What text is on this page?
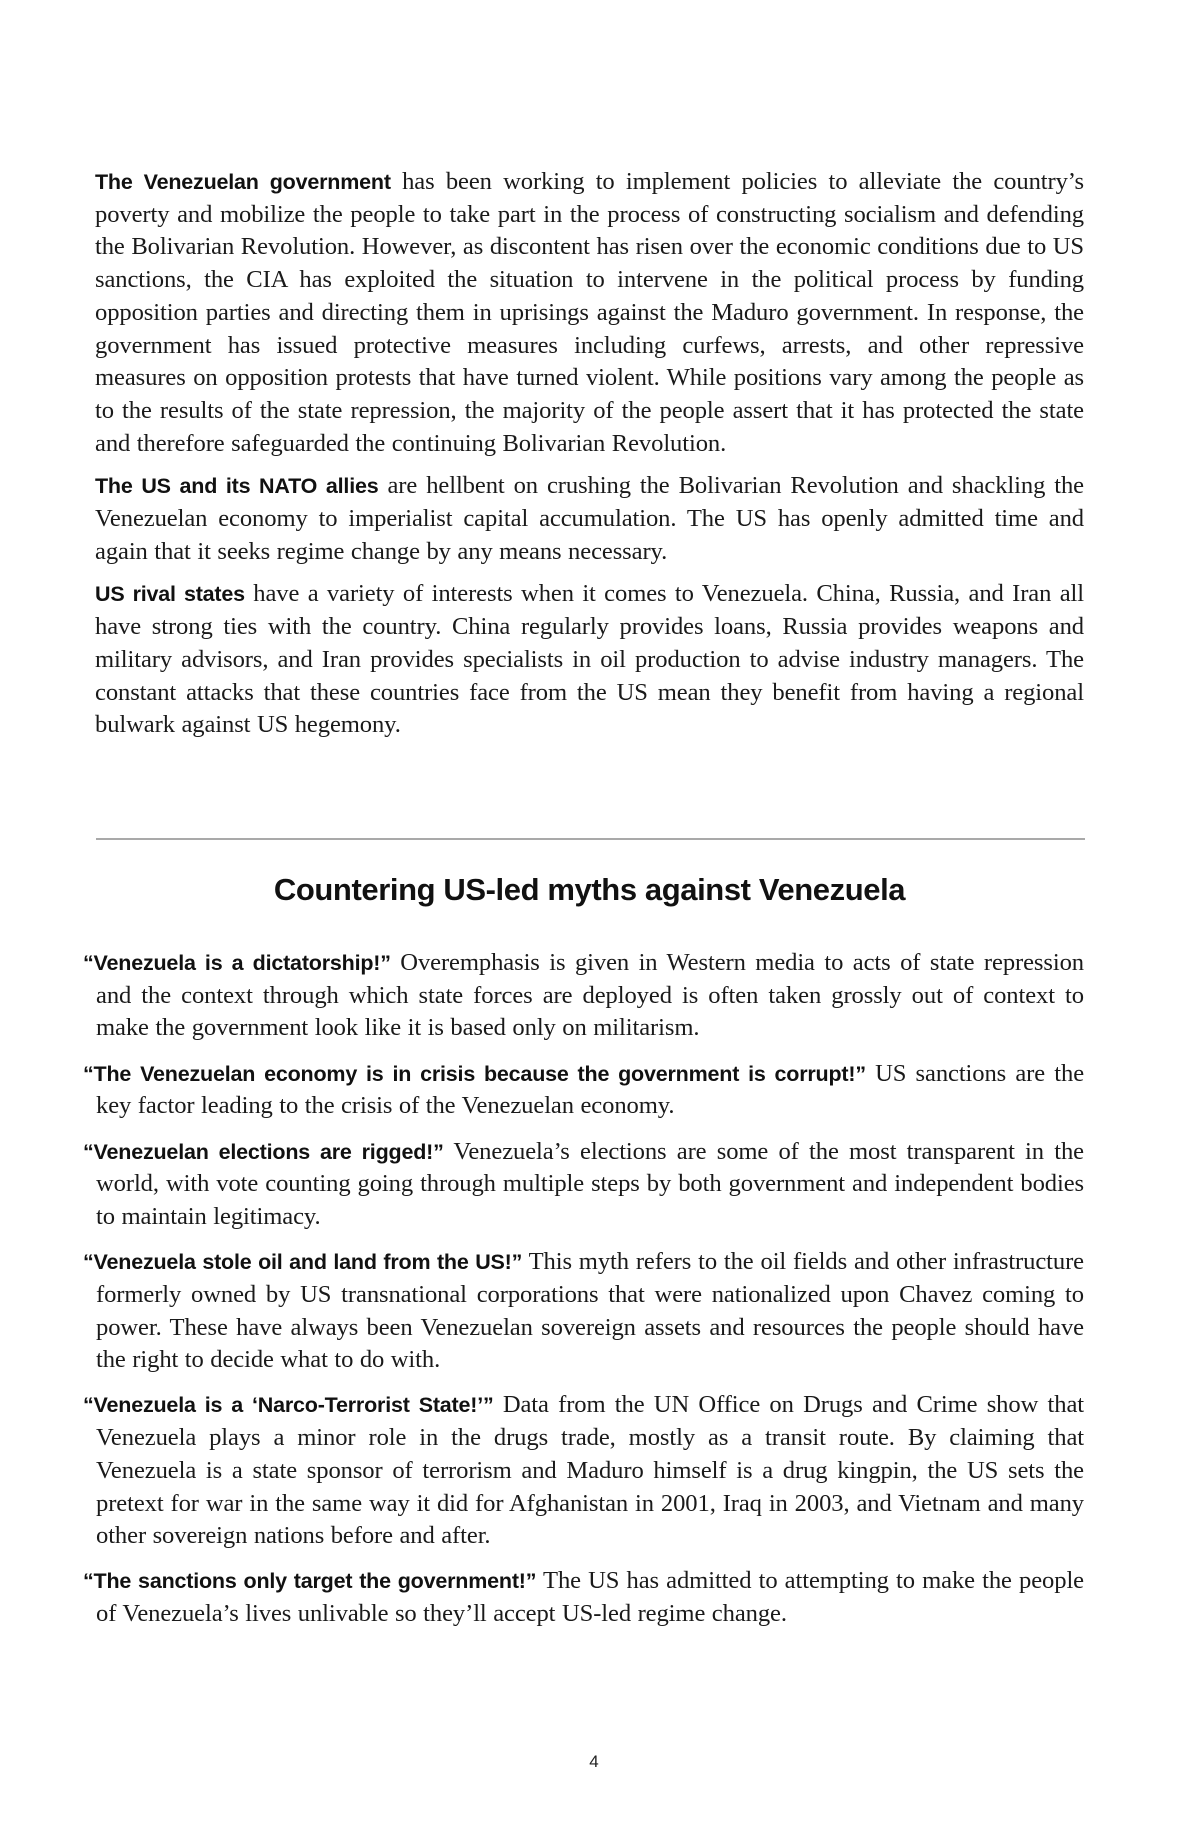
The Venezuelan government has been working to implement policies to alleviate the country’s poverty and mobilize the people to take part in the process of constructing socialism and defending the Bolivarian Revolution. However, as discontent has risen over the economic conditions due to US sanctions, the CIA has exploited the situation to intervene in the political process by funding opposition parties and directing them in uprisings against the Maduro government. In response, the government has issued protective measures including curfews, arrests, and other repressive measures on opposition protests that have turned violent. While positions vary among the people as to the results of the state repression, the majority of the people assert that it has protected the state and therefore safeguarded the continuing Bolivarian Revolution.

The US and its NATO allies are hellbent on crushing the Bolivarian Revolution and shackling the Venezuelan economy to imperialist capital accumulation. The US has openly admitted time and again that it seeks regime change by any means necessary.

US rival states have a variety of interests when it comes to Venezuela. China, Russia, and Iran all have strong ties with the country. China regularly provides loans, Russia provides weapons and military advisors, and Iran provides specialists in oil production to advise industry managers. The constant attacks that these countries face from the US mean they benefit from having a regional bulwark against US hegemony.

Countering US-led myths against Venezuela

“Venezuela is a dictatorship!” Overemphasis is given in Western media to acts of state repression and the context through which state forces are deployed is often taken grossly out of context to make the government look like it is based only on militarism.

“The Venezuelan economy is in crisis because the government is corrupt!” US sanctions are the key factor leading to the crisis of the Venezuelan economy.

“Venezuelan elections are rigged!” Venezuela’s elections are some of the most transparent in the world, with vote counting going through multiple steps by both government and independent bodies to maintain legitimacy.

“Venezuela stole oil and land from the US!” This myth refers to the oil fields and other infrastructure formerly owned by US transnational corporations that were nationalized upon Chavez coming to power. These have always been Venezuelan sovereign assets and resources the people should have the right to decide what to do with.

“Venezuela is a ‘Narco-Terrorist State!’” Data from the UN Office on Drugs and Crime show that Venezuela plays a minor role in the drugs trade, mostly as a transit route. By claiming that Venezuela is a state sponsor of terrorism and Maduro himself is a drug kingpin, the US sets the pretext for war in the same way it did for Afghanistan in 2001, Iraq in 2003, and Vietnam and many other sovereign nations before and after.

“The sanctions only target the government!” The US has admitted to attempting to make the people of Venezuela’s lives unlivable so they’ll accept US-led regime change.

4
